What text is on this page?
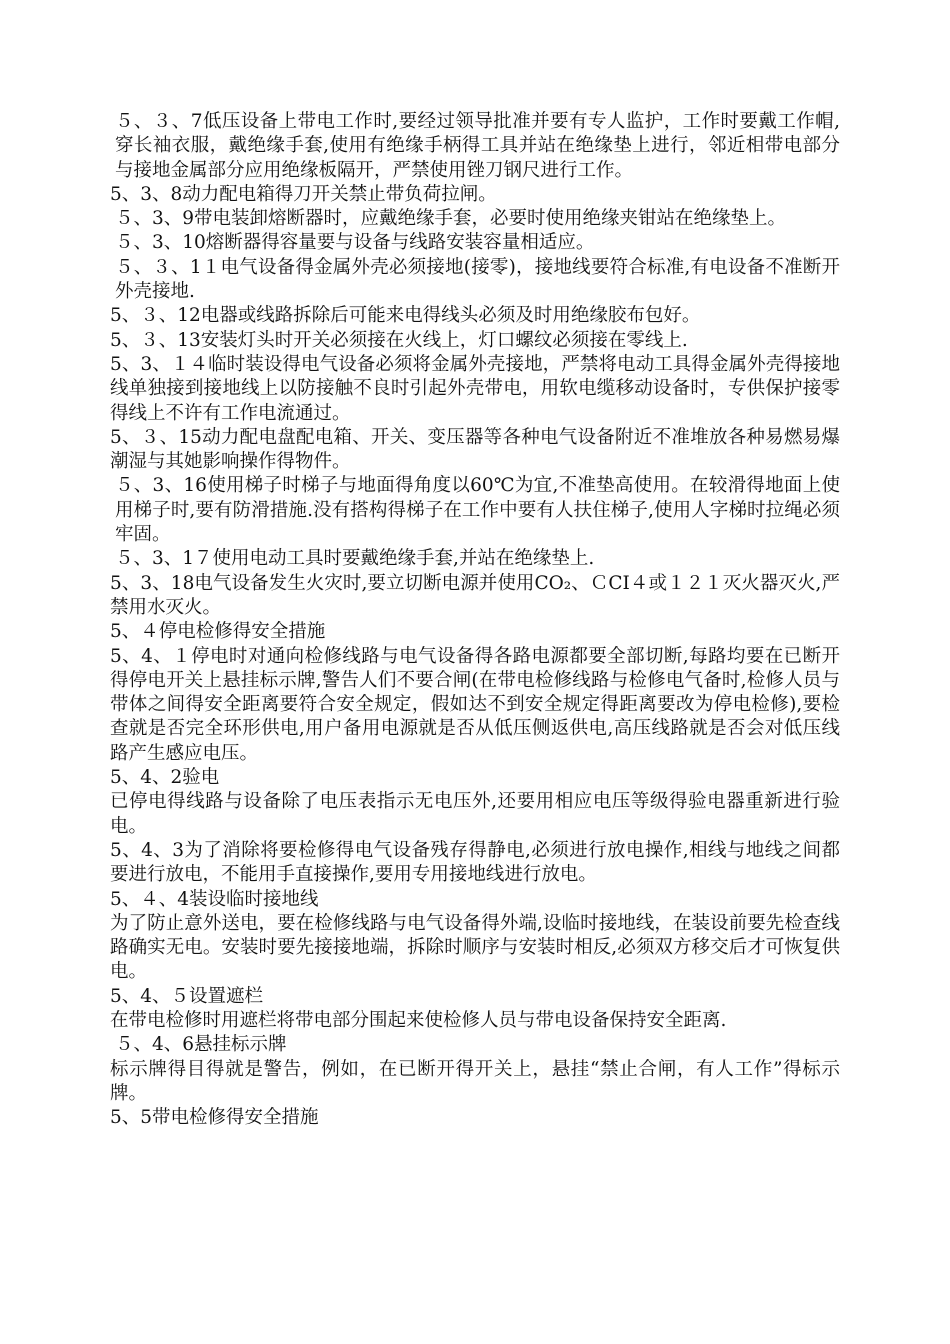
５、３、7低压设备上带电工作时,要经过领导批准并要有专人监护，工作时要戴工作帽,穿长袖衣服，戴绝缘手套,使用有绝缘手柄得工具并站在绝缘垫上进行，邻近相带电部分与接地金属部分应用绝缘板隔开，严禁使用锉刀钢尺进行工作。

5、3、8动力配电箱得刀开关禁止带负荷拉闸。

５、3、9带电装卸熔断器时，应戴绝缘手套，必要时使用绝缘夹钳站在绝缘垫上。

５、3、10熔断器得容量要与设备与线路安装容量相适应。

５、３、1１电气设备得金属外壳必须接地(接零)，接地线要符合标准,有电设备不准断开外壳接地.

5、３、12电器或线路拆除后可能来电得线头必须及时用绝缘胶布包好。

5、３、13安装灯头时开关必须接在火线上，灯口螺纹必须接在零线上.

5、3、１４临时装设得电气设备必须将金属外壳接地，严禁将电动工具得金属外壳得接地线单独接到接地线上以防接触不良时引起外壳带电，用软电缆移动设备时，专供保护接零得线上不许有工作电流通过。

5、３、15动力配电盘配电箱、开关、变压器等各种电气设备附近不准堆放各种易燃易爆潮湿与其她影响操作得物件。

５、3、16使用梯子时梯子与地面得角度以60℃为宜,不准垫高使用。在较滑得地面上使用梯子时,要有防滑措施.没有搭构得梯子在工作中要有人扶住梯子,使用人字梯时拉绳必须牢固。

５、3、1７使用电动工具时要戴绝缘手套,并站在绝缘垫上.

5、3、18电气设备发生火灾时,要立切断电源并使用CO₂、ＣCI４或１２１灭火器灭火,严禁用水灭火。

5、４停电检修得安全措施

5、4、１停电时对通向检修线路与电气设备得各路电源都要全部切断,每路均要在已断开得停电开关上悬挂标示牌,警告人们不要合闸(在带电检修线路与检修电气备时,检修人员与带体之间得安全距离要符合安全规定，假如达不到安全规定得距离要改为停电检修),要检查就是否完全环形供电,用户备用电源就是否从低压侧返供电,高压线路就是否会对低压线路产生感应电压。

5、4、2验电

已停电得线路与设备除了电压表指示无电压外,还要用相应电压等级得验电器重新进行验电。

5、4、3为了消除将要检修得电气设备残存得静电,必须进行放电操作,相线与地线之间都要进行放电，不能用手直接操作,要用专用接地线进行放电。

5、４、4装设临时接地线

为了防止意外送电，要在检修线路与电气设备得外端,设临时接地线，在装设前要先检查线路确实无电。安装时要先接接地端，拆除时顺序与安装时相反,必须双方移交后才可恢复供电。

5、4、５设置遮栏

在带电检修时用遮栏将带电部分围起来使检修人员与带电设备保持安全距离.

５、4、6悬挂标示牌

标示牌得目得就是警告，例如，在已断开得开关上，悬挂“禁止合闸，有人工作”得标示牌。

5、5带电检修得安全措施
